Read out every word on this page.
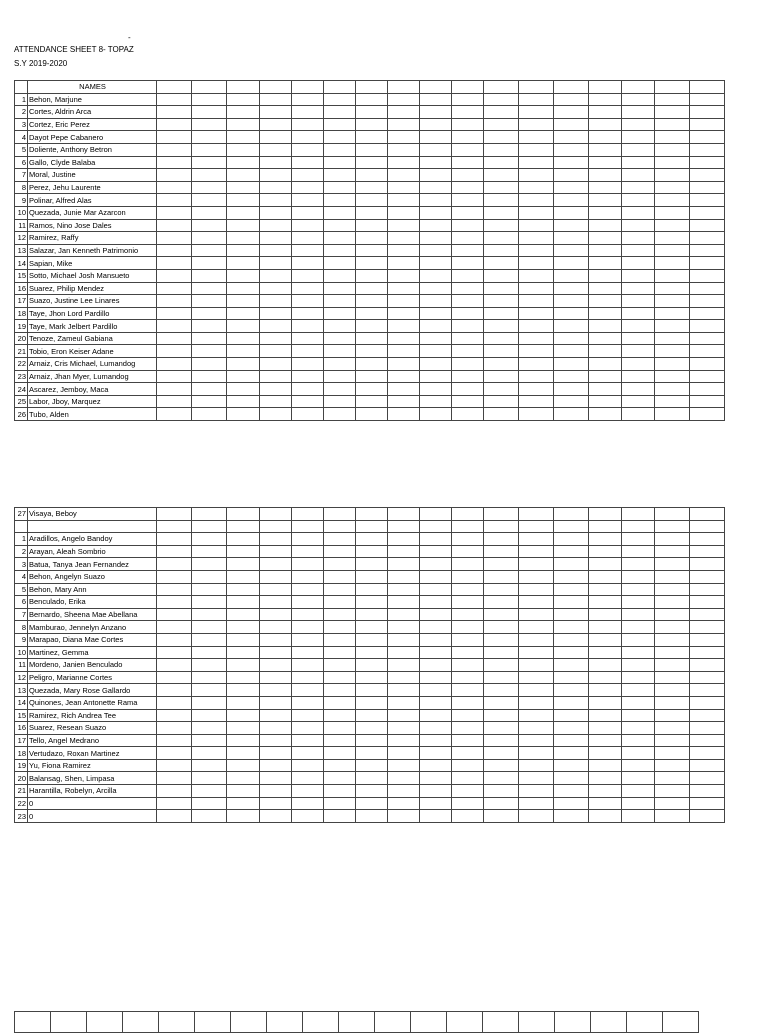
-
ATTENDANCE SHEET 8- TOPAZ
S.Y 2019-2020
	NAMES																	
1	Behon, Marjune																	
2	Cortes, Aldrin Arca																	
3	Cortez, Eric Perez																	
4	Dayot Pepe Cabanero																	
5	Doliente, Anthony Betron																	
6	Gallo, Clyde Balaba																	
7	Moral, Justine																	
8	Perez, Jehu Laurente																	
9	Polinar, Alfred Alas																	
10	Quezada, Junie Mar Azarcon																	
11	Ramos, Nino Jose Dales																	
12	Ramirez, Raffy																	
13	Salazar, Jan Kenneth Patrimonio																	
14	Sapian, Mike																	
15	Sotto, Michael Josh Mansueto																	
16	Suarez, Philip Mendez																	
17	Suazo, Justine Lee Linares																	
18	Taye, Jhon Lord Pardillo																	
19	Taye, Mark Jelbert Pardillo																	
20	Tenoze, Zameul Gabiana																	
21	Tobio, Eron Keiser Adane																	
22	Arnaiz, Cris Michael, Lumandog																	
23	Arnaiz, Jhan Myer, Lumandog																	
24	Ascarez, Jemboy, Maca																	
25	Labor, Jboy, Marquez																	
26	Tubo, Alden																	
27	Visaya, Beboy																	

1	Aradillos, Angelo Bandoy																	
2	Arayan, Aleah Sombrio																	
3	Batua, Tanya Jean Fernandez																	
4	Behon, Angelyn Suazo																	
5	Behon, Mary Ann																	
6	Benculado, Erika																	
7	Bernardo, Sheena Mae Abellana																	
8	Mamburao, Jennelyn Anzano																	
9	Marapao, Diana Mae Cortes																	
10	Martinez, Gemma																	
11	Mordeno, Janien Benculado																	
12	Peligro, Marianne Cortes																	
13	Quezada, Mary Rose Gallardo																	
14	Quinones, Jean Antonette Rama																	
15	Ramirez, Rich Andrea Tee																	
16	Suarez, Resean Suazo																	
17	Tello, Angel Medrano																	
18	Vertudazo, Roxan Martinez																	
19	Yu, Fiona Ramirez																	
20	Balansag, Shen, Limpasa																	
21	Harantilla, Robelyn, Arcilla																	
22	0																	
23	0																	
